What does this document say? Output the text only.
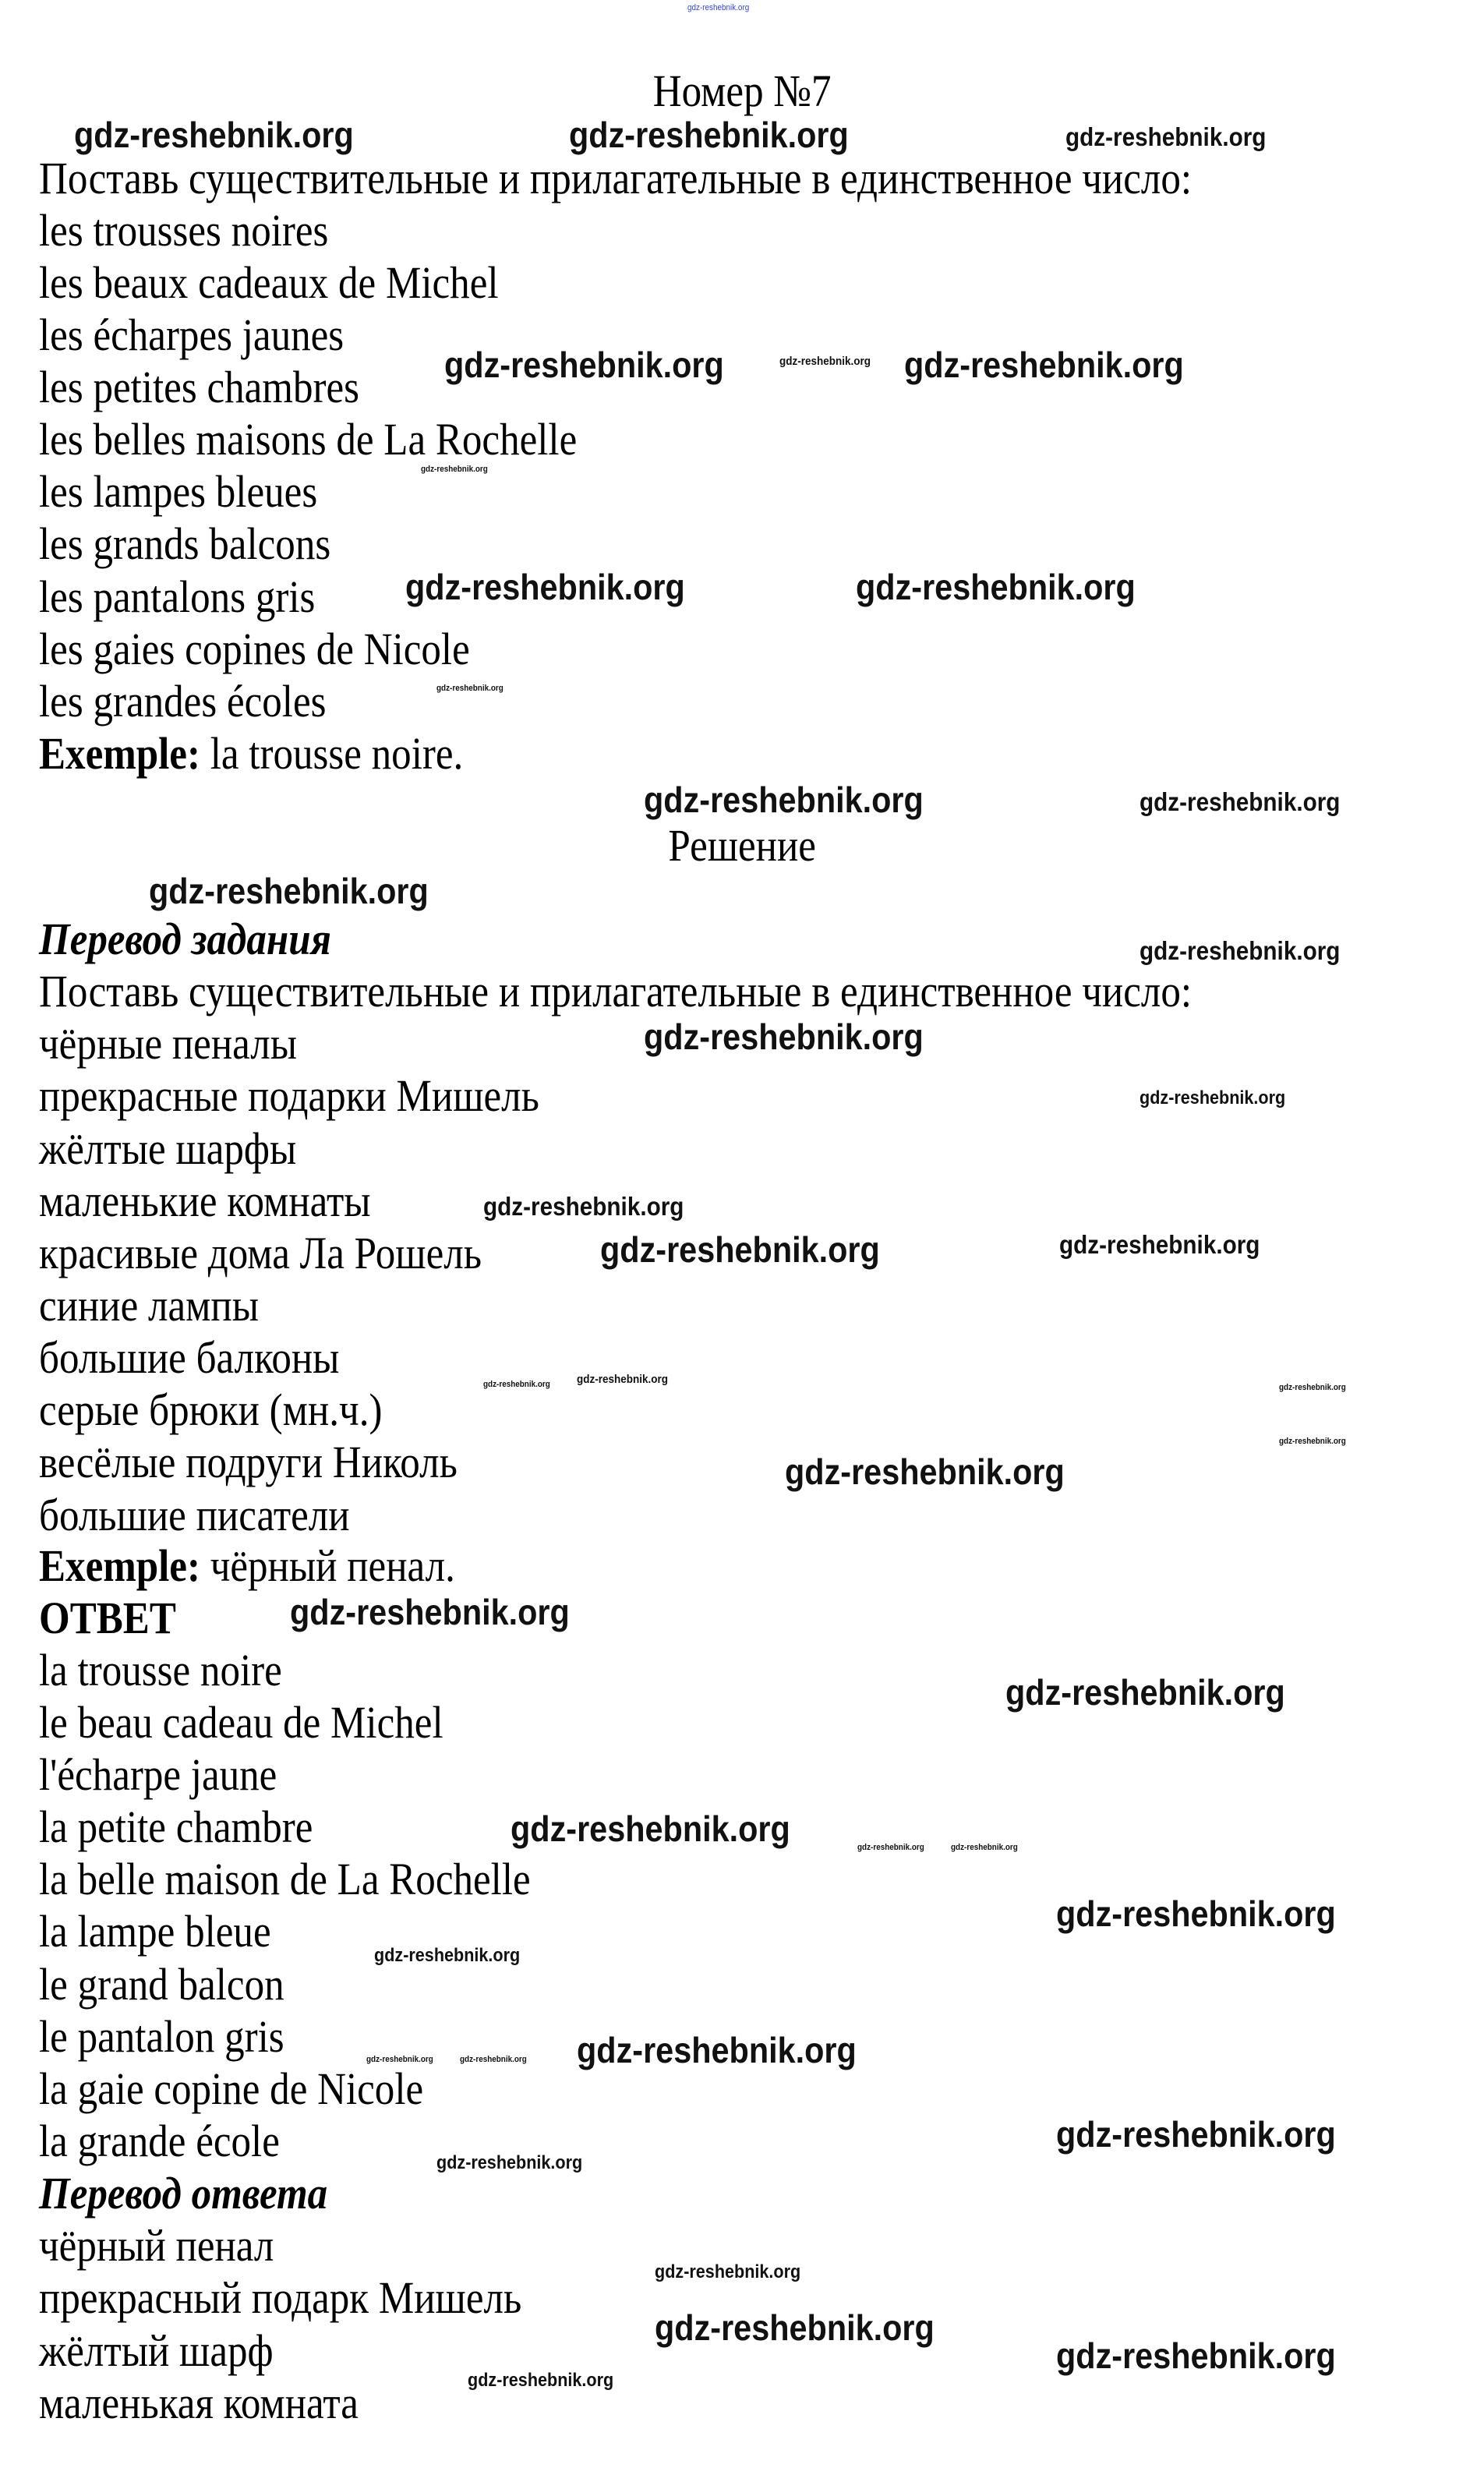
Номер №7
Поставь существительные и прилагательные в единственное число:
les trousses noires
les beaux cadeaux de Michel
les écharpes jaunes
les petites chambres
les belles maisons de La Rochelle
les lampes bleues
les grands balcons
les pantalons gris
les gaies copines de Nicole
les grandes écoles
Exemple: la trousse noire.
Решение
Перевод задания
Поставь существительные и прилагательные в единственное число:
чёрные пеналы
прекрасные подарки Мишель
жёлтые шарфы
маленькие комнаты
красивые дома Ла Рошель
синие лампы
большие балконы
серые брюки (мн.ч.)
весёлые подруги Николь
большие писатели
Exemple: чёрный пенал.
ОТВЕТ
la trousse noire
le beau cadeau de Michel
l'écharpe jaune
la petite chambre
la belle maison de La Rochelle
la lampe bleue
le grand balcon
le pantalon gris
la gaie copine de Nicole
la grande école
Перевод ответа
чёрный пенал
прекрасный подарк Мишель
жёлтый шарф
маленькая комната
gdz-reshebnik.org
gdz-reshebnik.org	gdz-reshebnik.org	gdz-reshebnik.org
gdz-reshebnik.org
gdz-reshebnik.org	gdz-reshebnik.org
gdz-reshebnik.org
gdz-reshebnik.org	gdz-reshebnik.org
gdz-reshebnik.org
gdz-reshebnik.org	gdz-reshebnik.org
gdz-reshebnik.org
gdz-reshebnik.org
gdz-reshebnik.org
gdz-reshebnik.org
gdz-reshebnik.org
gdz-reshebnik.org	gdz-reshebnik.org
gdz-reshebnik.org gdz-reshebnik.org
gdz-reshebnik.org
gdz-reshebnik.org
gdz-reshebnik.org
gdz-reshebnik.org
gdz-reshebnik.org
gdz-reshebnik.org	gdz-reshebnik.org	gdz-reshebnik.org
gdz-reshebnik.org
gdz-reshebnik.org
gdz-reshebnik.org
gdz-reshebnik.org	gdz-reshebnik.org
gdz-reshebnik.org
gdz-reshebnik.org
gdz-reshebnik.org
gdz-reshebnik.org
gdz-reshebnik.org
gdz-reshebnik.org
